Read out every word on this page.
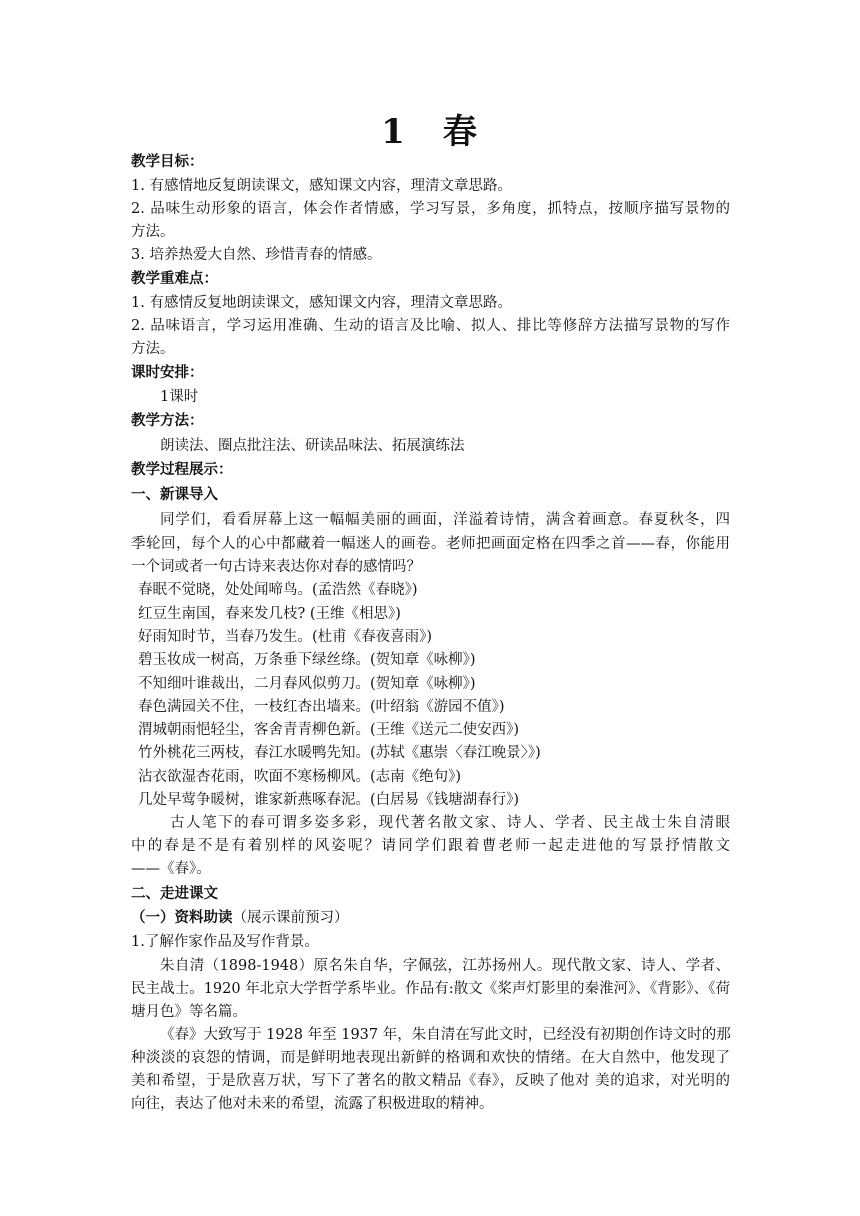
1　春
教学目标：
1. 有感情地反复朗读课文，感知课文内容，理清文章思路。
2. 品味生动形象的语言，体会作者情感，学习写景，多角度，抓特点，按顺序描写景物的
方法。
3. 培养热爱大自然、珍惜青春的情感。
教学重难点：
1. 有感情反复地朗读课文，感知课文内容，理清文章思路。
2. 品味语言，学习运用准确、生动的语言及比喻、拟人、排比等修辞方法描写景物的写作
方法。
课时安排：
1课时
教学方法：
朗读法、圈点批注法、研读品味法、拓展演练法
教学过程展示：
一、新课导入
同学们，看看屏幕上这一幅幅美丽的画面，洋溢着诗情，满含着画意。春夏秋冬，四
季轮回，每个人的心中都藏着一幅迷人的画卷。老师把画面定格在四季之首——春，你能用
一个词或者一句古诗来表达你对春的感情吗？
春眠不觉晓，处处闻啼鸟。(孟浩然《春晓》)
红豆生南国，春来发几枝? (王维《相思》)
好雨知时节，当春乃发生。(杜甫《春夜喜雨》)
碧玉妆成一树高，万条垂下绿丝绦。(贺知章《咏柳》)
不知细叶谁裁出，二月春风似剪刀。(贺知章《咏柳》)
春色满园关不住，一枝红杏出墙来。(叶绍翁《游园不值》)
渭城朝雨悒轻尘，客舍青青柳色新。(王维《送元二使安西》)
竹外桃花三两枝，春江水暖鸭先知。(苏轼《惠崇〈春江晚景〉》)
沾衣欲湿杏花雨，吹面不寒杨柳风。(志南《绝句》)
几处早莺争暖树，谁家新燕啄春泥。(白居易《钱塘湖春行》)
古人笔下的春可谓多姿多彩，现代著名散文家、诗人、学者、民主战士朱自清眼
中的春是不是有着别样的风姿呢？请同学们跟着曹老师一起走进他的写景抒情散文
——《春》。
二、走进课文
（一）资料助读（展示课前预习）
1.了解作家作品及写作背景。
朱自清（1898-1948）原名朱自华，字佩弦，江苏扬州人。现代散文家、诗人、学者、
民主战士。1920 年北京大学哲学系毕业。作品有:散文《桨声灯影里的秦淮河》、《背影》、《荷
塘月色》等名篇。
《春》大致写于 1928 年至 1937 年，朱自清在写此文时，已经没有初期创作诗文时的那
种淡淡的哀怨的情调，而是鲜明地表现出新鲜的格调和欢快的情绪。在大自然中，他发现了
美和希望，于是欣喜万状，写下了著名的散文精品《春》，反映了他对 美的追求，对光明的
向往，表达了他对未来的希望，流露了积极进取的精神。
